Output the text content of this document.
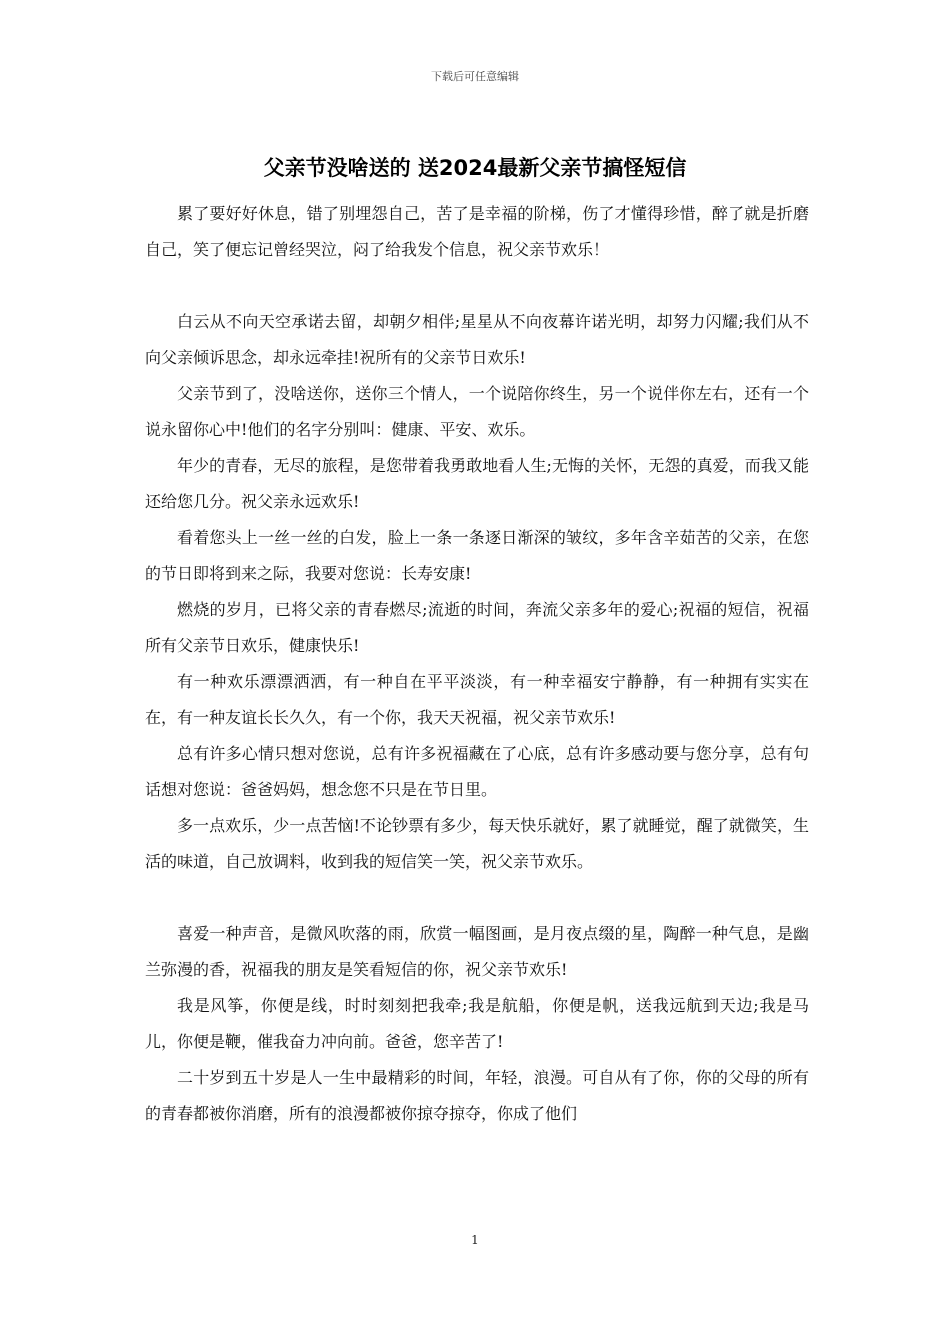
下载后可任意编辑
父亲节没啥送的 送2024最新父亲节搞怪短信

累了要好好休息，错了别埋怨自己，苦了是幸福的阶梯，伤了才懂得珍惜，醉了就是折磨自己，笑了便忘记曾经哭泣，闷了给我发个信息，祝父亲节欢乐！

白云从不向天空承诺去留，却朝夕相伴;星星从不向夜幕许诺光明，却努力闪耀;我们从不向父亲倾诉思念，却永远牵挂!祝所有的父亲节日欢乐!

父亲节到了，没啥送你，送你三个情人，一个说陪你终生，另一个说伴你左右，还有一个说永留你心中!他们的名字分别叫：健康、平安、欢乐。

年少的青春，无尽的旅程，是您带着我勇敢地看人生;无悔的关怀，无怨的真爱，而我又能还给您几分。祝父亲永远欢乐!

看着您头上一丝一丝的白发，脸上一条一条逐日渐深的皱纹，多年含辛茹苦的父亲，在您的节日即将到来之际，我要对您说：长寿安康!

燃烧的岁月，已将父亲的青春燃尽;流逝的时间，奔流父亲多年的爱心;祝福的短信，祝福所有父亲节日欢乐，健康快乐!

有一种欢乐漂漂洒洒，有一种自在平平淡淡，有一种幸福安宁静静，有一种拥有实实在在，有一种友谊长长久久，有一个你，我天天祝福，祝父亲节欢乐!

总有许多心情只想对您说，总有许多祝福藏在了心底，总有许多感动要与您分享，总有句话想对您说：爸爸妈妈，想念您不只是在节日里。

多一点欢乐，少一点苦恼!不论钞票有多少，每天快乐就好，累了就睡觉，醒了就微笑，生活的味道，自己放调料，收到我的短信笑一笑，祝父亲节欢乐。

喜爱一种声音，是微风吹落的雨，欣赏一幅图画，是月夜点缀的星，陶醉一种气息，是幽兰弥漫的香，祝福我的朋友是笑看短信的你，祝父亲节欢乐!

我是风筝，你便是线，时时刻刻把我牵;我是航船，你便是帆，送我远航到天边;我是马儿，你便是鞭，催我奋力冲向前。爸爸，您辛苦了!

二十岁到五十岁是人一生中最精彩的时间，年轻，浪漫。可自从有了你，你的父母的所有的青春都被你消磨，所有的浪漫都被你掠夺掠夺，你成了他们

1
